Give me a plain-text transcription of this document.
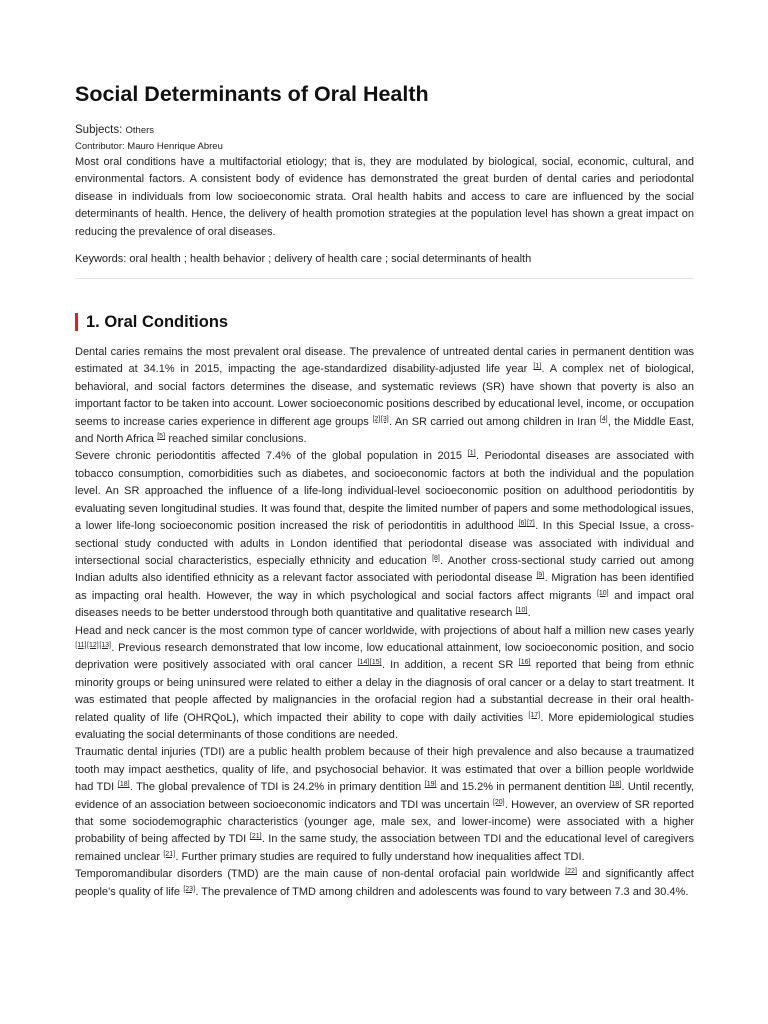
Social Determinants of Oral Health
Subjects: Others
Contributor: Mauro Henrique Abreu

Most oral conditions have a multifactorial etiology; that is, they are modulated by biological, social, economic, cultural, and environmental factors. A consistent body of evidence has demonstrated the great burden of dental caries and periodontal disease in individuals from low socioeconomic strata. Oral health habits and access to care are influenced by the social determinants of health. Hence, the delivery of health promotion strategies at the population level has shown a great impact on reducing the prevalence of oral diseases.

Keywords: oral health ; health behavior ; delivery of health care ; social determinants of health
1. Oral Conditions

Dental caries remains the most prevalent oral disease. The prevalence of untreated dental caries in permanent dentition was estimated at 34.1% in 2015, impacting the age-standardized disability-adjusted life year [1]. A complex net of biological, behavioral, and social factors determines the disease, and systematic reviews (SR) have shown that poverty is also an important factor to be taken into account. Lower socioeconomic positions described by educational level, income, or occupation seems to increase caries experience in different age groups [2][3]. An SR carried out among children in Iran [4], the Middle East, and North Africa [5] reached similar conclusions.

Severe chronic periodontitis affected 7.4% of the global population in 2015 [1]. Periodontal diseases are associated with tobacco consumption, comorbidities such as diabetes, and socioeconomic factors at both the individual and the population level. An SR approached the influence of a life-long individual-level socioeconomic position on adulthood periodontitis by evaluating seven longitudinal studies. It was found that, despite the limited number of papers and some methodological issues, a lower life-long socioeconomic position increased the risk of periodontitis in adulthood [6][7]. In this Special Issue, a cross-sectional study conducted with adults in London identified that periodontal disease was associated with individual and intersectional social characteristics, especially ethnicity and education [8]. Another cross-sectional study carried out among Indian adults also identified ethnicity as a relevant factor associated with periodontal disease [9]. Migration has been identified as impacting oral health. However, the way in which psychological and social factors affect migrants [10] and impact oral diseases needs to be better understood through both quantitative and qualitative research [10].

Head and neck cancer is the most common type of cancer worldwide, with projections of about half a million new cases yearly [11][12][13]. Previous research demonstrated that low income, low educational attainment, low socioeconomic position, and socio deprivation were positively associated with oral cancer [14][15]. In addition, a recent SR [16] reported that being from ethnic minority groups or being uninsured were related to either a delay in the diagnosis of oral cancer or a delay to start treatment. It was estimated that people affected by malignancies in the orofacial region had a substantial decrease in their oral health-related quality of life (OHRQoL), which impacted their ability to cope with daily activities [17]. More epidemiological studies evaluating the social determinants of those conditions are needed.

Traumatic dental injuries (TDI) are a public health problem because of their high prevalence and also because a traumatized tooth may impact aesthetics, quality of life, and psychosocial behavior. It was estimated that over a billion people worldwide had TDI [18]. The global prevalence of TDI is 24.2% in primary dentition [19] and 15.2% in permanent dentition [18]. Until recently, evidence of an association between socioeconomic indicators and TDI was uncertain [20]. However, an overview of SR reported that some sociodemographic characteristics (younger age, male sex, and lower-income) were associated with a higher probability of being affected by TDI [21]. In the same study, the association between TDI and the educational level of caregivers remained unclear [21]. Further primary studies are required to fully understand how inequalities affect TDI.

Temporomandibular disorders (TMD) are the main cause of non-dental orofacial pain worldwide [22] and significantly affect people’s quality of life [23]. The prevalence of TMD among children and adolescents was found to vary between 7.3 and 30.4%.
